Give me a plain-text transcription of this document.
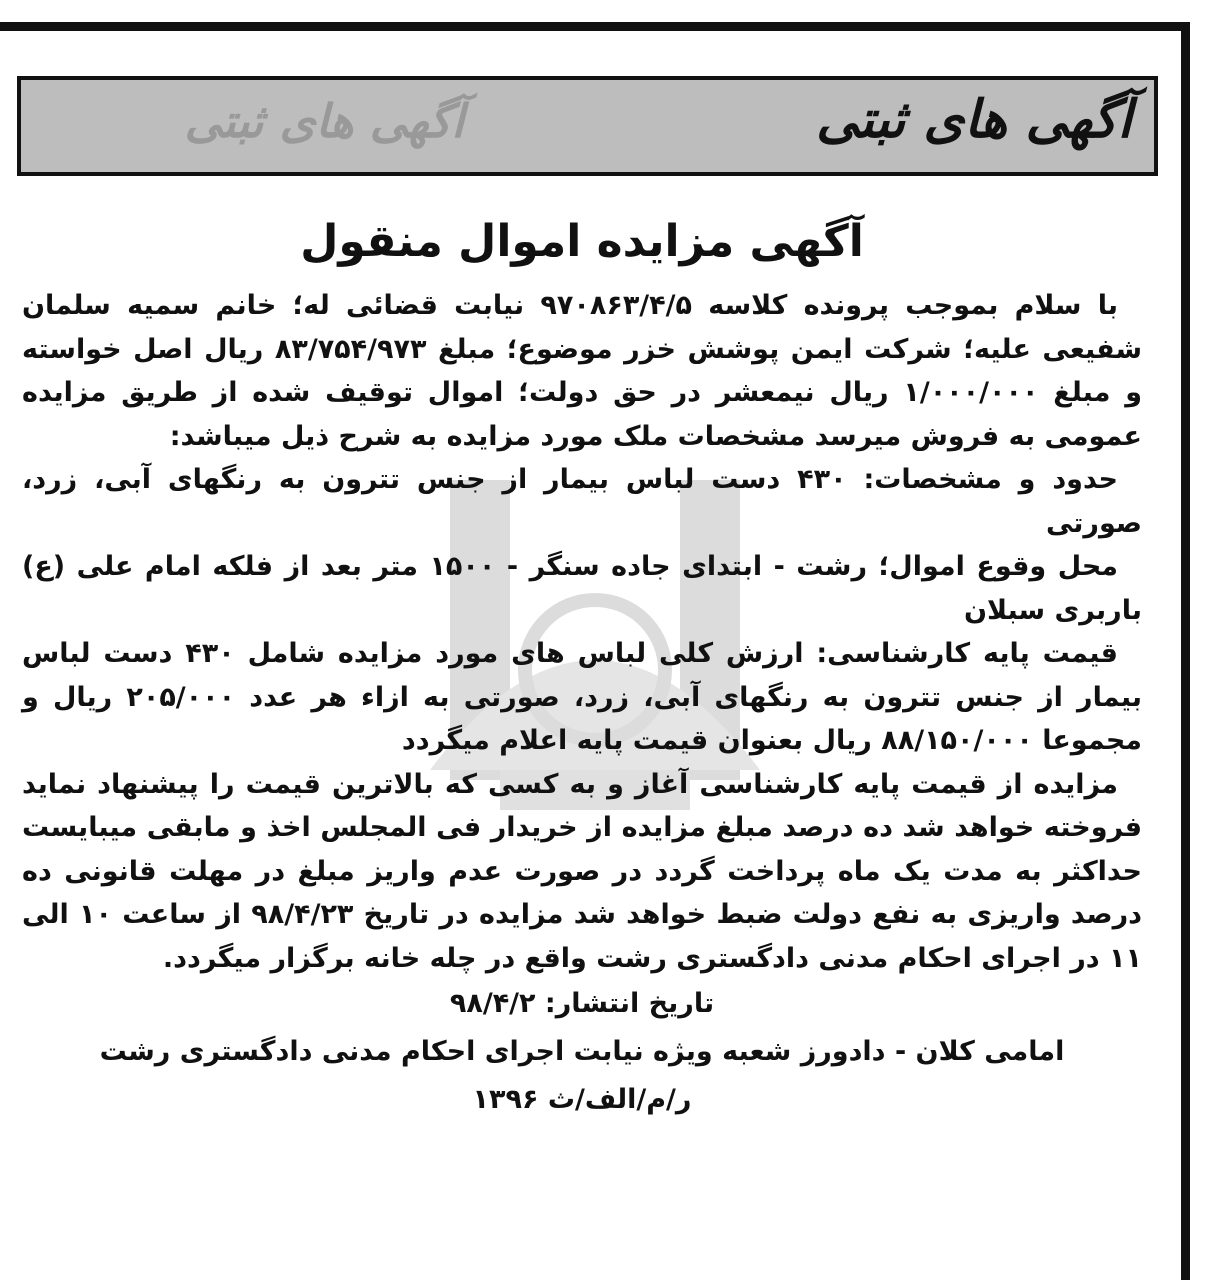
آگهی های ثبتی
آگهی های ثبتی
آگهی مزایده اموال منقول

با سلام بموجب پرونده کلاسه ۹۷۰۸۶۳/۴/۵ نیابت قضائی له؛ خانم سمیه سلمان شفیعی علیه؛ شرکت ایمن پوشش خزر موضوع؛ مبلغ ۸۳/۷۵۴/۹۷۳ ریال اصل خواسته و مبلغ ۱/۰۰۰/۰۰۰ ریال نیمعشر در حق دولت؛ اموال توقیف شده از طریق مزایده عمومی به فروش میرسد مشخصات ملک مورد مزایده به شرح ذیل میباشد:

حدود و مشخصات: ۴۳۰ دست لباس بیمار از جنس تترون به رنگهای آبی، زرد، صورتی

محل وقوع اموال؛ رشت - ابتدای جاده سنگر - ۱۵۰۰ متر بعد از فلکه امام علی (ع) باربری سبلان

قیمت پایه کارشناسی: ارزش کلی لباس های مورد مزایده شامل ۴۳۰ دست لباس بیمار از جنس تترون به رنگهای آبی، زرد، صورتی به ازاء هر عدد ۲۰۵/۰۰۰ ریال و مجموعا ۸۸/۱۵۰/۰۰۰ ریال بعنوان قیمت پایه اعلام میگردد

مزایده از قیمت پایه کارشناسی آغاز و به کسی که بالاترین قیمت را پیشنهاد نماید فروخته خواهد شد ده درصد مبلغ مزایده از خریدار فی المجلس اخذ و مابقی میبایست حداکثر به مدت یک ماه پرداخت گردد در صورت عدم واریز مبلغ در مهلت قانونی ده درصد واریزی به نفع دولت ضبط خواهد شد مزایده در تاریخ ۹۸/۴/۲۳ از ساعت ۱۰ الی ۱۱ در اجرای احکام مدنی دادگستری رشت واقع در چله خانه برگزار میگردد.

تاریخ انتشار: ۹۸/۴/۲
امامی کلان - دادورز شعبه ویژه نیابت اجرای احکام مدنی دادگستری رشت
ر/م/الف/ث ۱۳۹۶
